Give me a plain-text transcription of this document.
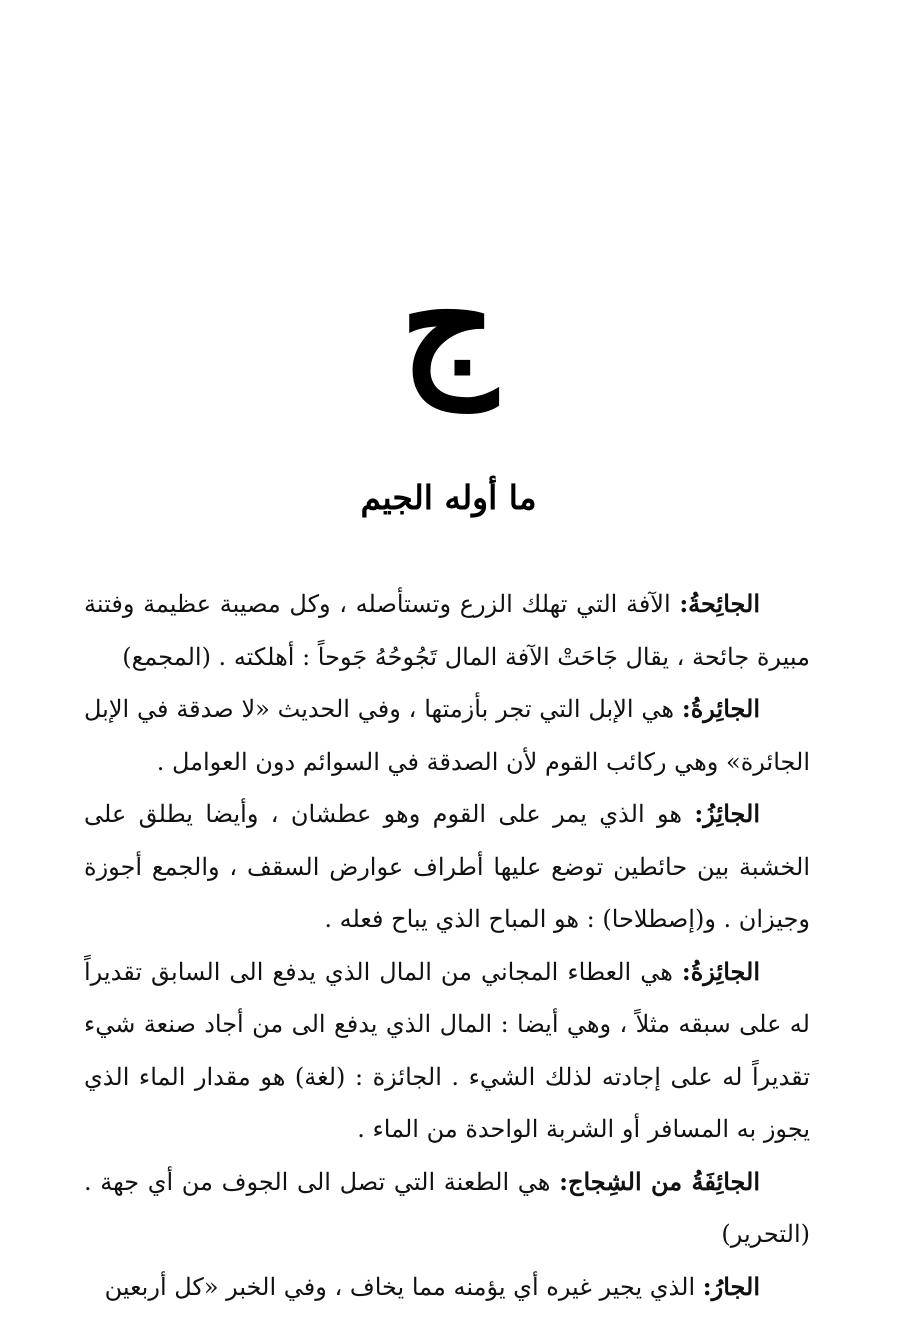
ج
ما أوله الجيم

الجائِحةُ: الآفة التي تهلك الزرع وتستأصله ، وكل مصيبة عظيمة وفتنة مبيرة جائحة ، يقال جَاحَتْ الآفة المال تَجُوحُهُ جَوحاً : أهلكته . (المجمع)

الجائِرةُ: هي الإبل التي تجر بأزمتها ، وفي الحديث «لا صدقة في الإبل الجائرة» وهي ركائب القوم لأن الصدقة في السوائم دون العوامل .

الجائِزُ: هو الذي يمر على القوم وهو عطشان ، وأيضا يطلق على الخشبة بين حائطين توضع عليها أطراف عوارض السقف ، والجمع أجوزة وجيزان . و(إصطلاحا) : هو المباح الذي يباح فعله .

الجائِزةُ: هي العطاء المجاني من المال الذي يدفع الى السابق تقديراً له على سبقه مثلاً ، وهي أيضا : المال الذي يدفع الى من أجاد صنعة شيء تقديراً له على إجادته لذلك الشيء . الجائزة : (لغة) هو مقدار الماء الذي يجوز به المسافر أو الشربة الواحدة من الماء .

الجائِفَةُ من الشِجاج: هي الطعنة التي تصل الى الجوف من أي جهة . (التحرير)

الجارُ: الذي يجير غيره أي يؤمنه مما يخاف ، وفي الخبر «كل أربعين
